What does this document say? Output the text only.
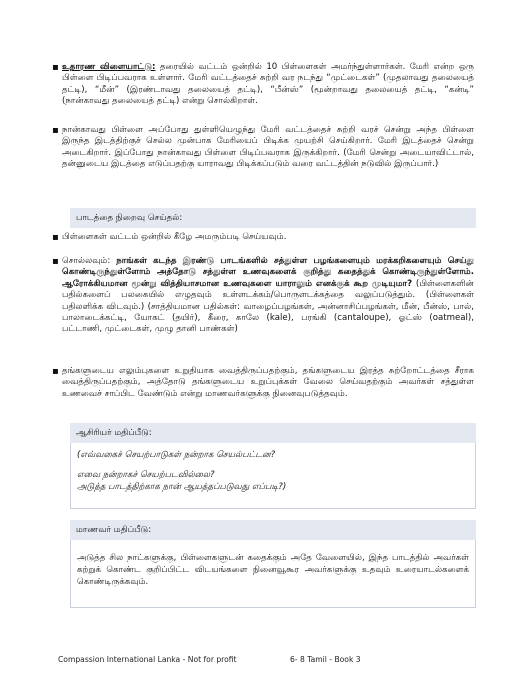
▪ உதாரண விளையாட்டு: தரையில் வட்டம் ஒன்றில் 10 பிள்ளைகள் அமர்ந்துள்ளார்கள். மேரி என்ற ஒரு பிள்ளை பிடிப்பவராக உள்ளார். மேரி வட்டத்தைச் சுற்றி வர நடந்து “முட்டைகள்” (முதலாவது தலையைத் தட்டி), “மீன்” (இரண்டாவது தலையைத் தட்டி), “பீன்ஸ்” (மூன்றாவது தலையைத் தட்டி, “கன்டி” (நான்காவது தலையைத் தட்டி) என்று சொல்கிறாள்.
▪ நான்காவது பிள்ளை அப்போது துள்ளியெழுந்து மேரி வட்டத்தைச் சுற்றி வரச் சென்று அந்த பிள்ளை இருந்த இடத்திற்குச் செல்ல முன்பாக மேரியைப் பிடிக்க முயற்சி செய்கிறார். மேரி இடத்தைச் சென்று அடைகிறார். இப்போது நான்காவது பிள்ளை பிடிப்பவராக இருக்கிறார். (மேரி சென்று அடையாவிட்டால், தன்னுடைய இடத்தை எடுப்பதற்கு யாராவது பிடிக்கப்படும் வரை வட்டத்தின் நடுவில் இருப்பார்.)
பாடத்தை நிறைவு செய்தல்:
▪ பிள்ளைகள் வட்டம் ஒன்றில் கீழே அமரும்படி செய்யவும்.
▪ சொல்லவும்: நாங்கள் கடந்த இரண்டு பாடங்களில் சத்துள்ள பழங்களையும் மரக்கறிகளையும் செய்து கொண்டிருந்துள்ளோம் அத்தோடு சத்துள்ள உணவுகளைக் குறித்து கதைத்துக் கொண்டிருந்துள்ளோம். ஆரோக்கியமான மூன்று வித்தியாசமான உணவுகளை யாராலும் எனக்குக் கூற முடியுமா? (பிள்ளைகளின் பதில்களைப் பலகையில் எழுதவும் உள்ளடக்கம்/பொருளடக்கத்தை வலுப்படுத்தும். (பிள்ளைகள் பதிலளிக்க விடவும்.) (சாத்தியமான பதில்கள்: வாழைப்பழங்கள், அன்னாசிப்பழங்கள், மீன், பீன்ஸ், பால், பாலாடைக்கட்டி, யோகட் (தயிர்), கீரை, காலே (kale), பரங்கி (cantaloupe), ஓட்ஸ் (oatmeal), பட்டாணி, முட்டைகள், முழு தானி பாண்கள்)
▪ தங்களுடைய எலும்புகளை உறுதியாக வைத்திருப்பதற்கும், தங்களுடைய இரத்த சுற்றோட்டத்தை சீராக வைத்திருப்பதற்கும், அத்தோடு தங்களுடைய உறுப்புக்கள் வேலை செய்வதற்கும் அவர்கள் சத்துள்ள உணவைச் சாப்பிட வேண்டும் என்று மாணவர்களுக்கு நினைவுபடுத்தவும்.
ஆசிரியர் மதிப்பீடு:

(எவ்வகைச் செயற்பாடுகள் நன்றாக செயல்பட்டன?

எவை நன்றாகச் செயற்படவில்லை?

அடுத்த பாடத்திற்காக நான் ஆயத்தப்படுவது எப்படி?)

மாணவர் மதிப்பீடு:

அடுத்த சில நாட்களுக்கு, பிள்ளைகளுடன் கதைக்கும் அதே வேளையில், இந்த பாடத்தில் அவர்கள் கற்றுக் கொண்ட குறிப்பிட்ட விடயங்களை நினைவூகூர அவர்களுக்கு உதவும் உரையாடல்களைக் கொண்டிருக்கவும்.

Compassion International Lanka - Not for profit	6- 8 Tamil - Book 3
